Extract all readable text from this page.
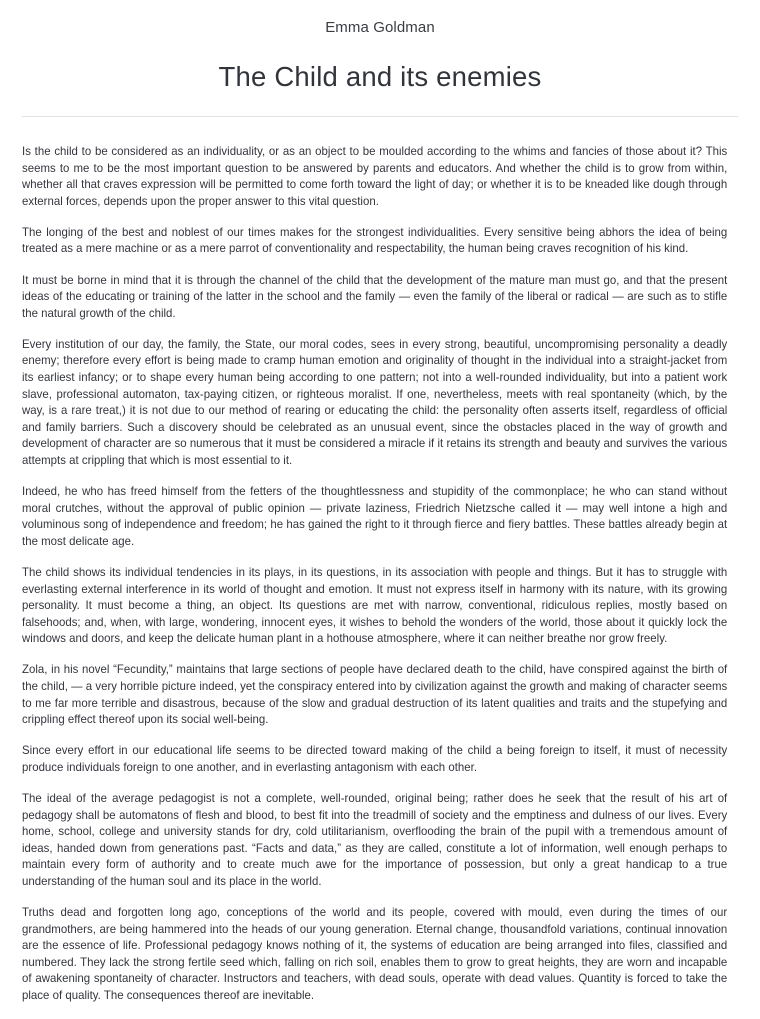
Emma Goldman
The Child and its enemies

Is the child to be considered as an individuality, or as an object to be moulded according to the whims and fancies of those about it? This seems to me to be the most important question to be answered by parents and educators. And whether the child is to grow from within, whether all that craves expression will be permitted to come forth toward the light of day; or whether it is to be kneaded like dough through external forces, depends upon the proper answer to this vital question.

The longing of the best and noblest of our times makes for the strongest individualities. Every sensitive being abhors the idea of being treated as a mere machine or as a mere parrot of conventionality and respectability, the human being craves recognition of his kind.

It must be borne in mind that it is through the channel of the child that the development of the mature man must go, and that the present ideas of the educating or training of the latter in the school and the family — even the family of the liberal or radical — are such as to stifle the natural growth of the child.

Every institution of our day, the family, the State, our moral codes, sees in every strong, beautiful, uncompromising personality a deadly enemy; therefore every effort is being made to cramp human emotion and originality of thought in the individual into a straight-jacket from its earliest infancy; or to shape every human being according to one pattern; not into a well-rounded individuality, but into a patient work slave, professional automaton, tax-paying citizen, or righteous moralist. If one, nevertheless, meets with real spontaneity (which, by the way, is a rare treat,) it is not due to our method of rearing or educating the child: the personality often asserts itself, regardless of official and family barriers. Such a discovery should be celebrated as an unusual event, since the obstacles placed in the way of growth and development of character are so numerous that it must be considered a miracle if it retains its strength and beauty and survives the various attempts at crippling that which is most essential to it.

Indeed, he who has freed himself from the fetters of the thoughtlessness and stupidity of the commonplace; he who can stand without moral crutches, without the approval of public opinion — private laziness, Friedrich Nietzsche called it — may well intone a high and voluminous song of independence and freedom; he has gained the right to it through fierce and fiery battles. These battles already begin at the most delicate age.

The child shows its individual tendencies in its plays, in its questions, in its association with people and things. But it has to struggle with everlasting external interference in its world of thought and emotion. It must not express itself in harmony with its nature, with its growing personality. It must become a thing, an object. Its questions are met with narrow, conventional, ridiculous replies, mostly based on falsehoods; and, when, with large, wondering, innocent eyes, it wishes to behold the wonders of the world, those about it quickly lock the windows and doors, and keep the delicate human plant in a hothouse atmosphere, where it can neither breathe nor grow freely.

Zola, in his novel “Fecundity,” maintains that large sections of people have declared death to the child, have conspired against the birth of the child, — a very horrible picture indeed, yet the conspiracy entered into by civilization against the growth and making of character seems to me far more terrible and disastrous, because of the slow and gradual destruction of its latent qualities and traits and the stupefying and crippling effect thereof upon its social well-being.

Since every effort in our educational life seems to be directed toward making of the child a being foreign to itself, it must of necessity produce individuals foreign to one another, and in everlasting antagonism with each other.

The ideal of the average pedagogist is not a complete, well-rounded, original being; rather does he seek that the result of his art of pedagogy shall be automatons of flesh and blood, to best fit into the treadmill of society and the emptiness and dulness of our lives. Every home, school, college and university stands for dry, cold utilitarianism, overflooding the brain of the pupil with a tremendous amount of ideas, handed down from generations past. “Facts and data,” as they are called, constitute a lot of information, well enough perhaps to maintain every form of authority and to create much awe for the importance of possession, but only a great handicap to a true understanding of the human soul and its place in the world.

Truths dead and forgotten long ago, conceptions of the world and its people, covered with mould, even during the times of our grandmothers, are being hammered into the heads of our young generation. Eternal change, thousandfold variations, continual innovation are the essence of life. Professional pedagogy knows nothing of it, the systems of education are being arranged into files, classified and numbered. They lack the strong fertile seed which, falling on rich soil, enables them to grow to great heights, they are worn and incapable of awakening spontaneity of character. Instructors and teachers, with dead souls, operate with dead values. Quantity is forced to take the place of quality. The consequences thereof are inevitable.
